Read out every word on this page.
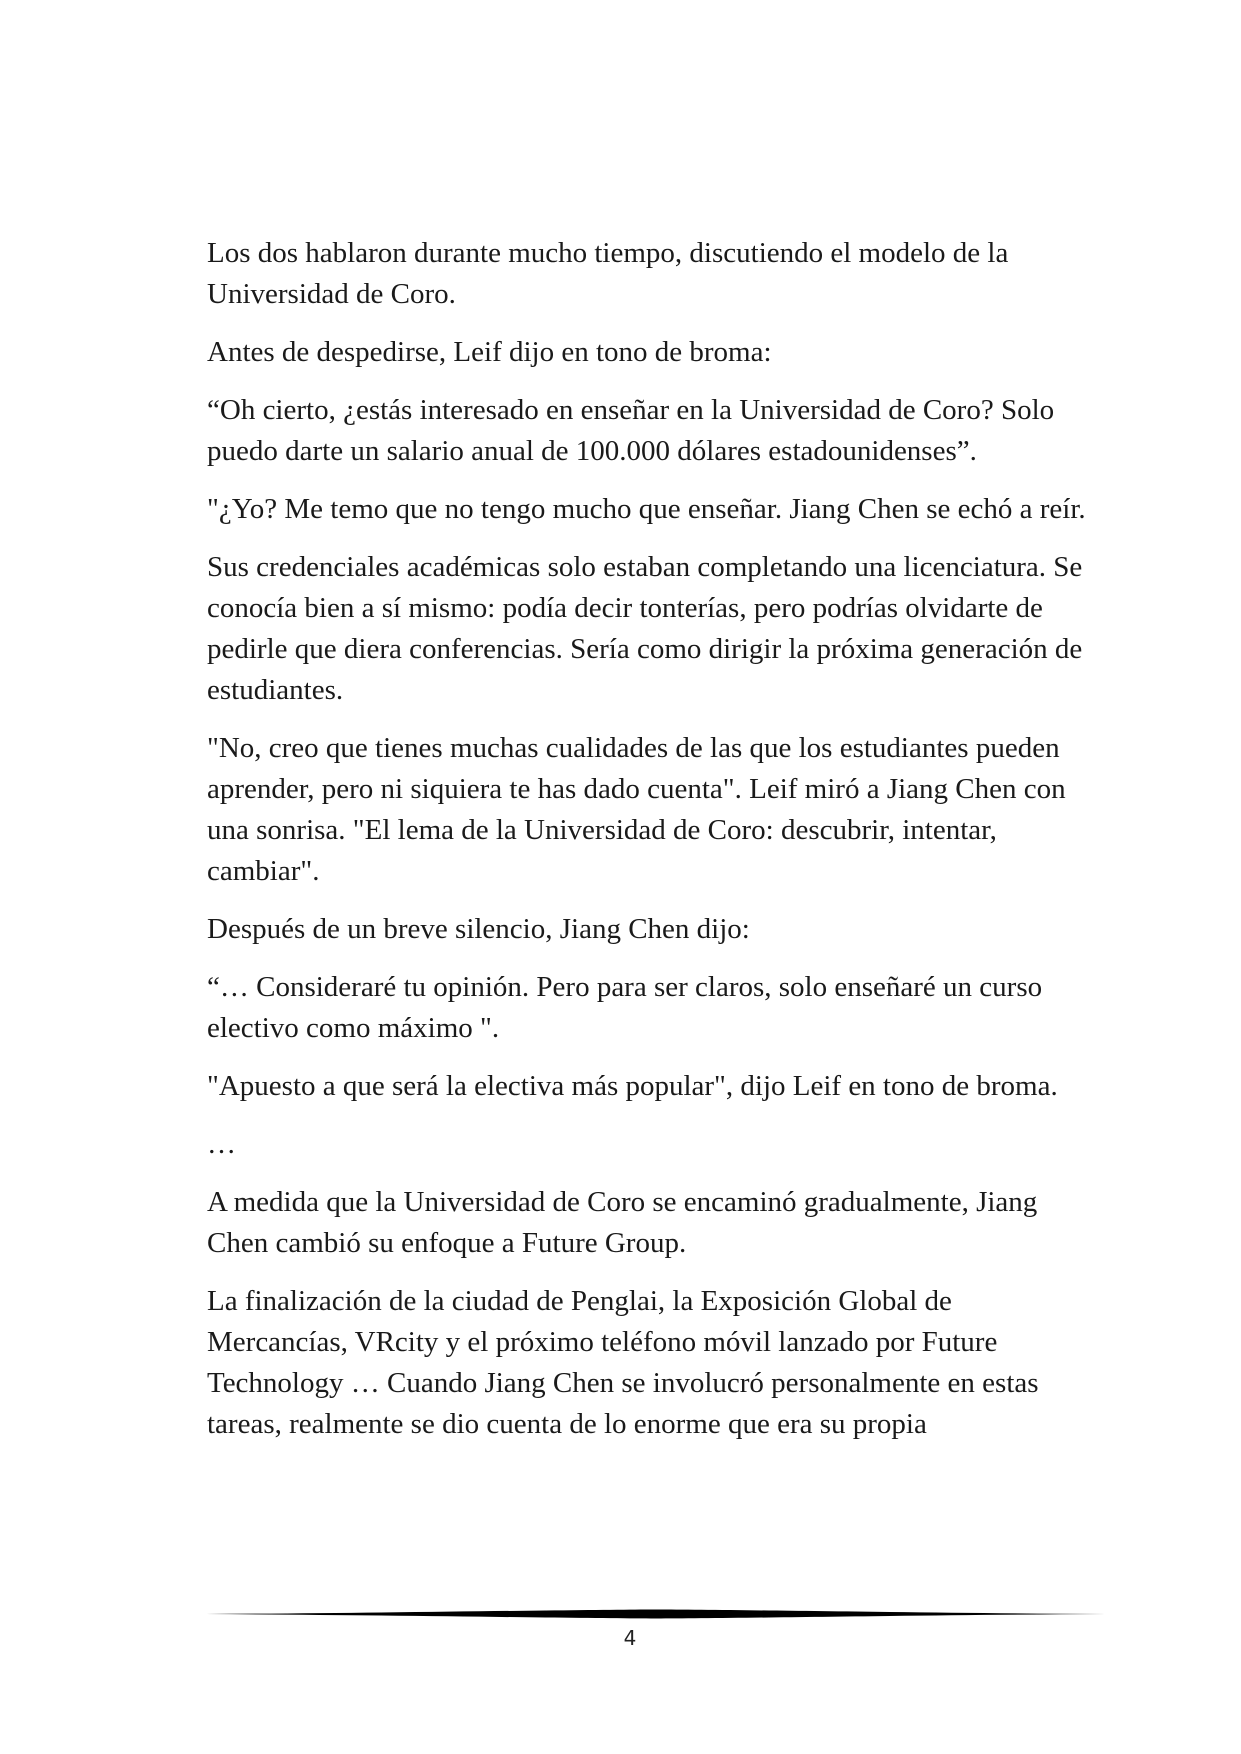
Los dos hablaron durante mucho tiempo, discutiendo el modelo de la Universidad de Coro.

Antes de despedirse, Leif dijo en tono de broma:

“Oh cierto, ¿estás interesado en enseñar en la Universidad de Coro? Solo puedo darte un salario anual de 100.000 dólares estadounidenses”.

"¿Yo? Me temo que no tengo mucho que enseñar. Jiang Chen se echó a reír.

Sus credenciales académicas solo estaban completando una licenciatura. Se conocía bien a sí mismo: podía decir tonterías, pero podrías olvidarte de pedirle que diera conferencias. Sería como dirigir la próxima generación de estudiantes.

"No, creo que tienes muchas cualidades de las que los estudiantes pueden aprender, pero ni siquiera te has dado cuenta". Leif miró a Jiang Chen con una sonrisa. "El lema de la Universidad de Coro: descubrir, intentar, cambiar".

Después de un breve silencio, Jiang Chen dijo:

“… Consideraré tu opinión. Pero para ser claros, solo enseñaré un curso electivo como máximo ".

"Apuesto a que será la electiva más popular", dijo Leif en tono de broma.

…

A medida que la Universidad de Coro se encaminó gradualmente, Jiang Chen cambió su enfoque a Future Group.

La finalización de la ciudad de Penglai, la Exposición Global de Mercancías, VRcity y el próximo teléfono móvil lanzado por Future Technology … Cuando Jiang Chen se involucró personalmente en estas tareas, realmente se dio cuenta de lo enorme que era su propia

4
